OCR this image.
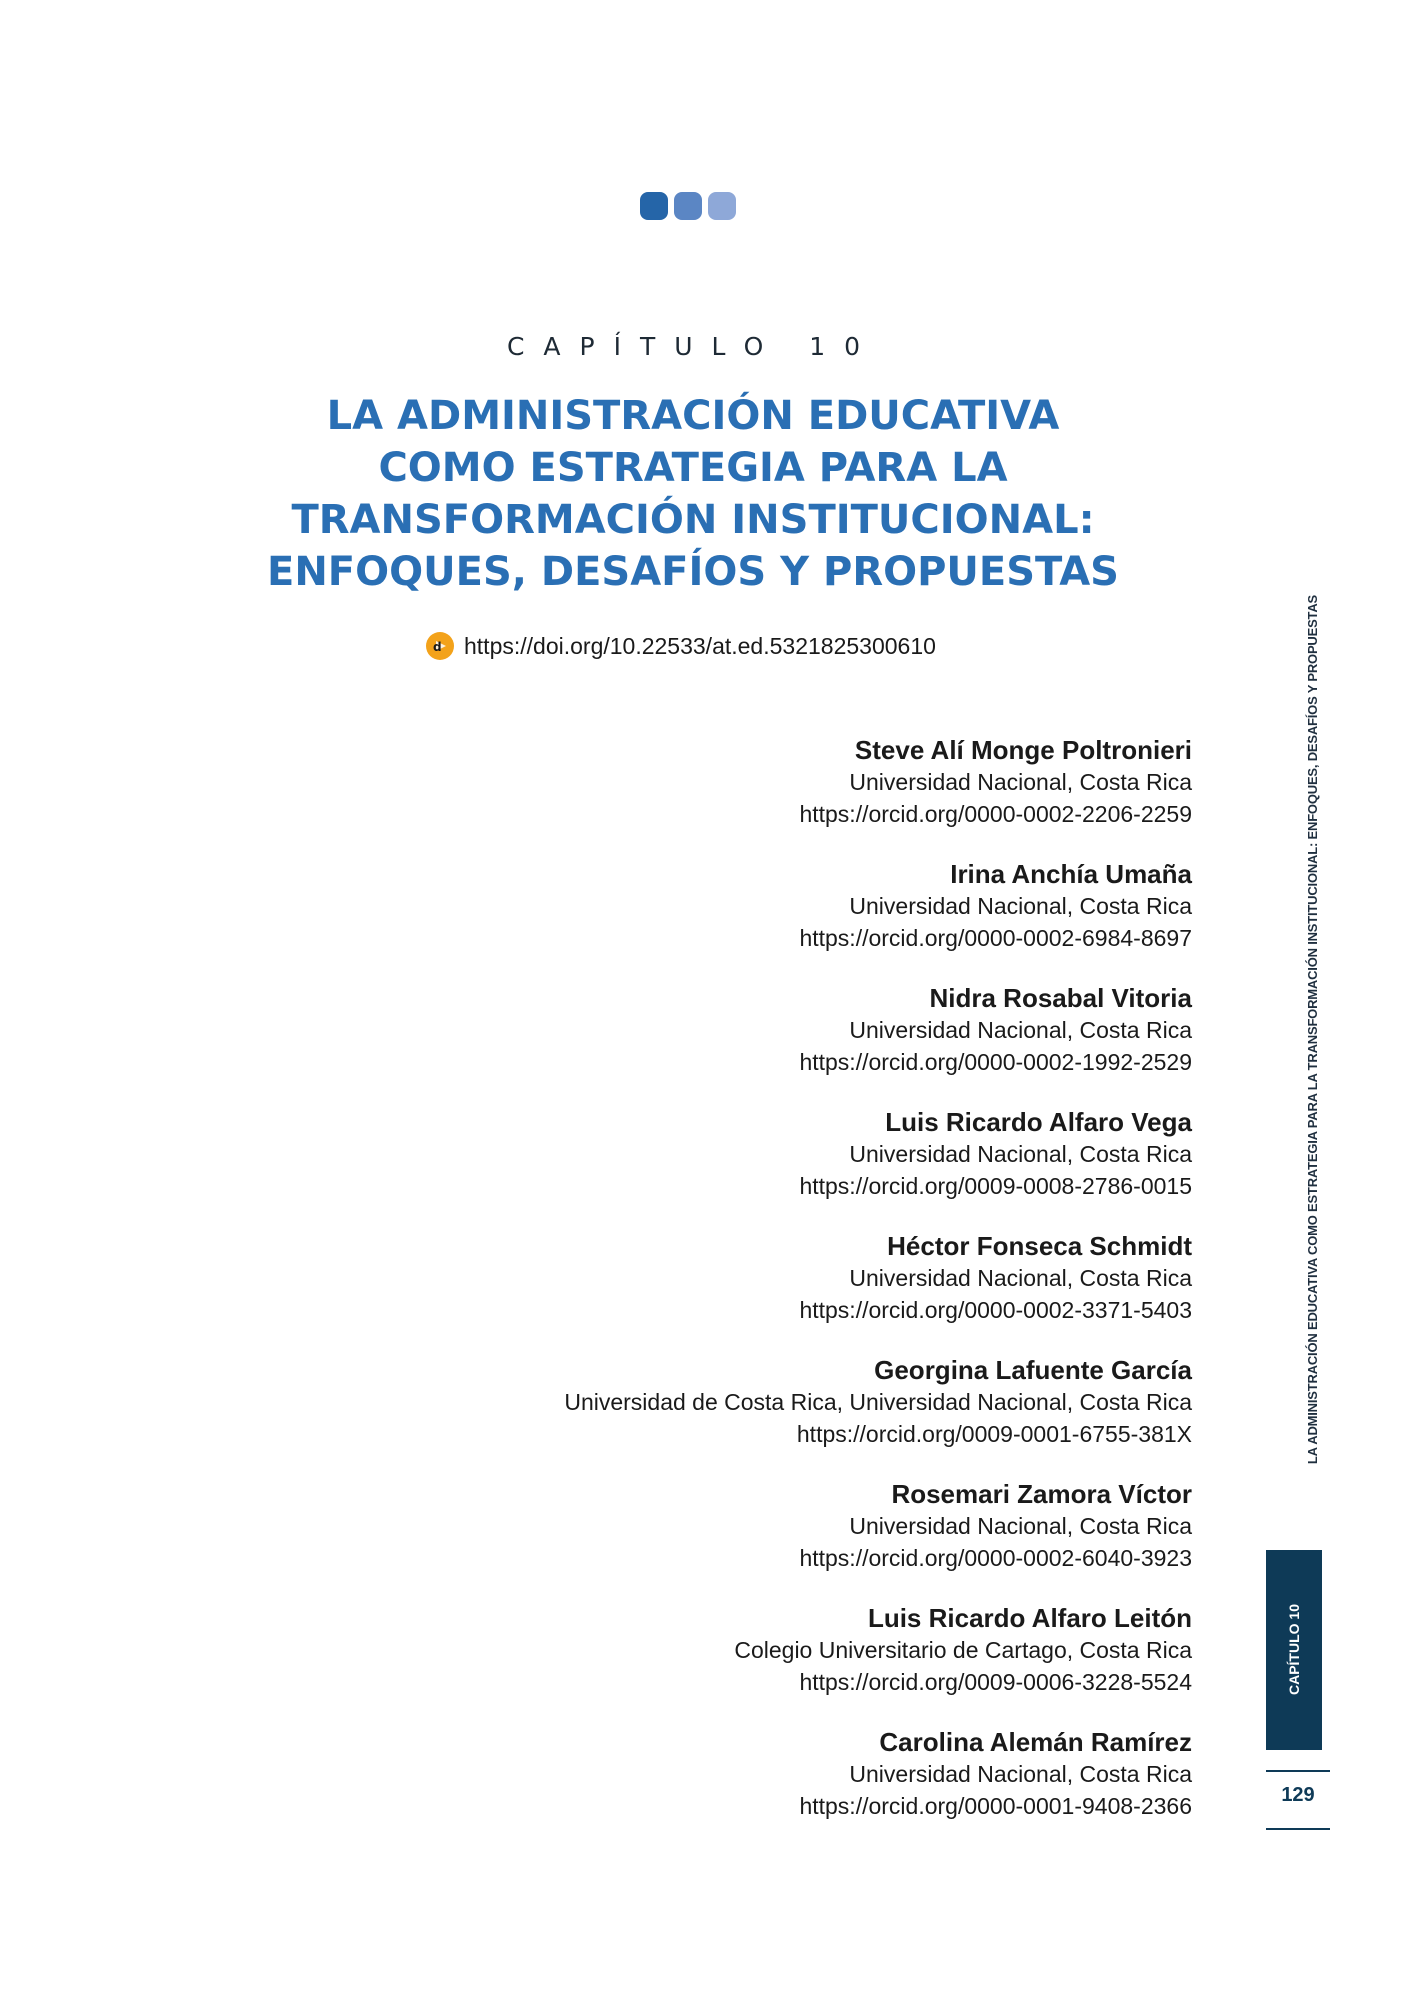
CAPÍTULO 10
LA ADMINISTRACIÓN EDUCATIVA
COMO ESTRATEGIA PARA LA
TRANSFORMACIÓN INSTITUCIONAL:
ENFOQUES, DESAFÍOS Y PROPUESTAS
d https://doi.org/10.22533/at.ed.5321825300610
Steve Alí Monge Poltronieri
Universidad Nacional, Costa Rica
https://orcid.org/0000-0002-2206-2259
Irina Anchía Umaña
Universidad Nacional, Costa Rica
https://orcid.org/0000-0002-6984-8697
Nidra Rosabal Vitoria
Universidad Nacional, Costa Rica
https://orcid.org/0000-0002-1992-2529
Luis Ricardo Alfaro Vega
Universidad Nacional, Costa Rica
https://orcid.org/0009-0008-2786-0015
Héctor Fonseca Schmidt
Universidad Nacional, Costa Rica
https://orcid.org/0000-0002-3371-5403
Georgina Lafuente García
Universidad de Costa Rica, Universidad Nacional, Costa Rica
https://orcid.org/0009-0001-6755-381X
Rosemari Zamora Víctor
Universidad Nacional, Costa Rica
https://orcid.org/0000-0002-6040-3923
Luis Ricardo Alfaro Leitón
Colegio Universitario de Cartago, Costa Rica
https://orcid.org/0009-0006-3228-5524
Carolina Alemán Ramírez
Universidad Nacional, Costa Rica
https://orcid.org/0000-0001-9408-2366
LA ADMINISTRACIÓN EDUCATIVA COMO ESTRATEGIA PARA LA TRANSFORMACIÓN INSTITUCIONAL: ENFOQUES, DESAFÍOS Y PROPUESTAS
CAPÍTULO 10
129
